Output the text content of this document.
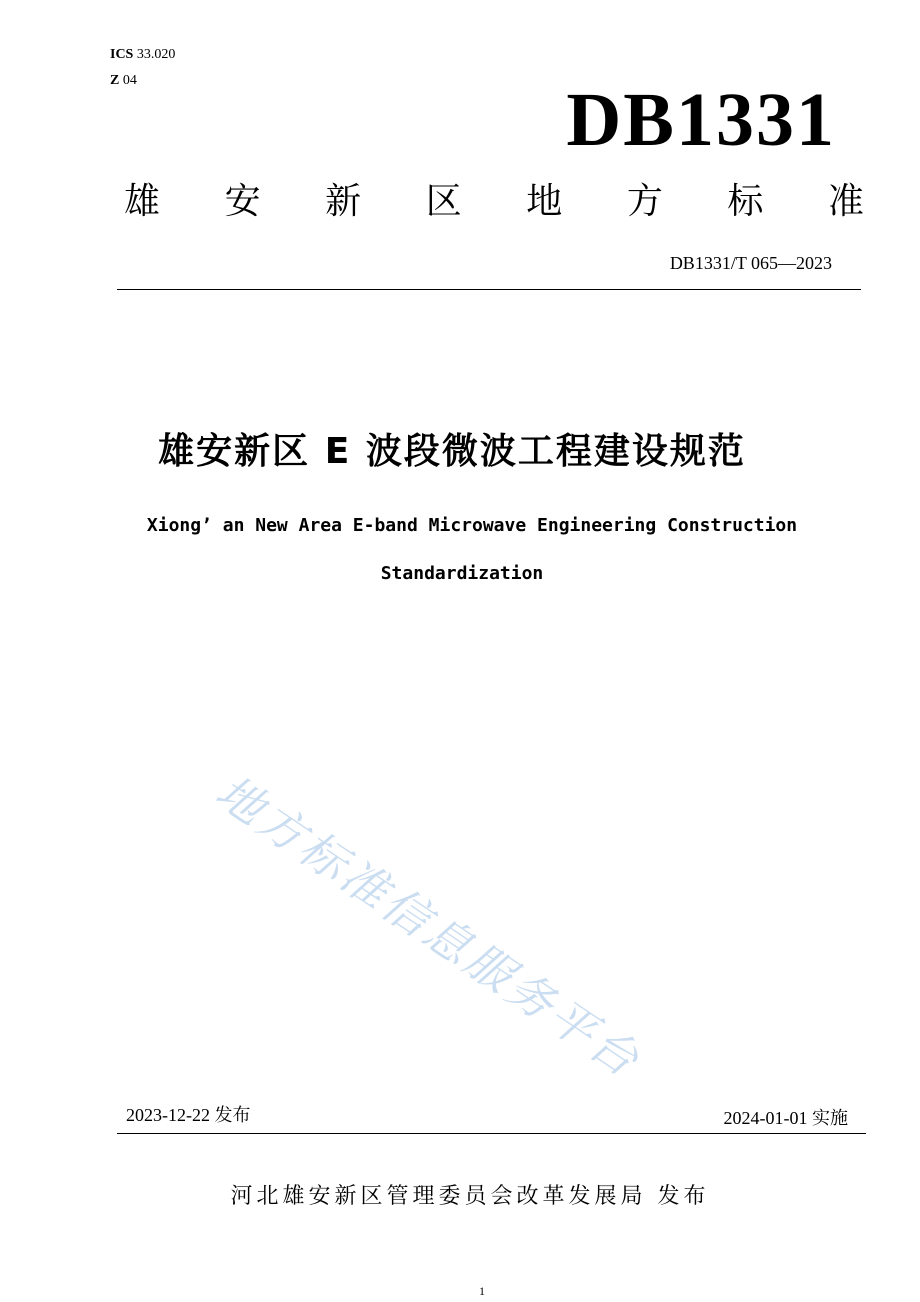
ICS 33.020
Z 04	DB1331
雄 安 新 区 地 方 标 准
DB1331/T 065—2023
雄安新区 E 波段微波工程建设规范
Xiong’ an New Area E-band Microwave Engineering Construction
Standardization
地方标准信息服务平台
2023-12-22 发布	2024-01-01 实施
河北雄安新区管理委员会改革发展局 发布
1
